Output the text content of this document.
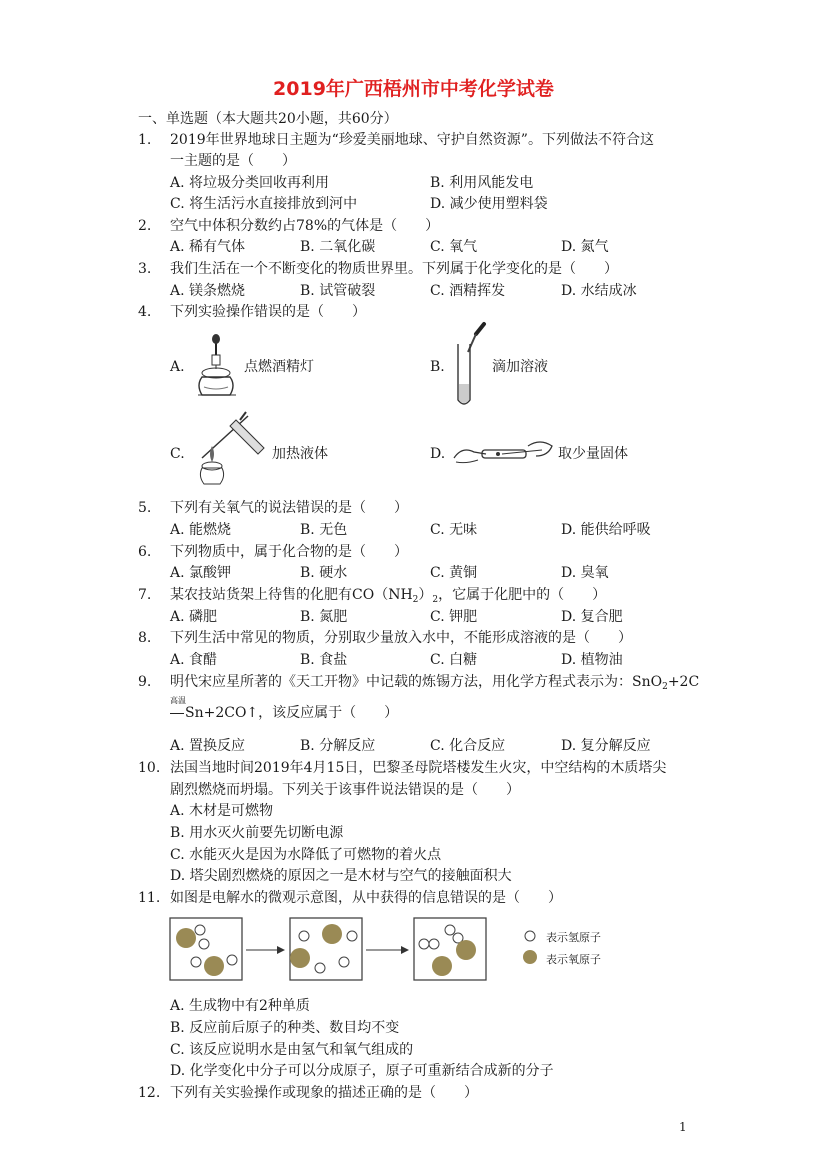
2019年广西梧州市中考化学试卷
一、单选题（本大题共20小题，共60分）
1. 2019年世界地球日主题为“珍爱美丽地球、守护自然资源”。下列做法不符合这
一主题的是（　　）
A. 将垃圾分类回收再利用	B. 利用风能发电
C. 将生活污水直接排放到河中	D. 减少使用塑料袋
2. 空气中体积分数约占78%的气体是（　　）
A. 稀有气体	B. 二氧化碳	C. 氧气	D. 氮气
3. 我们生活在一个不断变化的物质世界里。下列属于化学变化的是（　　）
A. 镁条燃烧	B. 试管破裂	C. 酒精挥发	D. 水结成冰
4. 下列实验操作错误的是（　　）
A.	点燃酒精灯	B.	滴加溶液
C.	加热液体	D.	取少量固体
5. 下列有关氧气的说法错误的是（　　）
A. 能燃烧	B. 无色	C. 无味	D. 能供给呼吸
6. 下列物质中，属于化合物的是（　　）
A. 氯酸钾	B. 硬水	C. 黄铜	D. 臭氧
7. 某农技站货架上待售的化肥有$CO(NH_2)_2$，它属于化肥中的（　　）
A. 磷肥	B. 氮肥	C. 钾肥	D. 复合肥
8. 下列生活中常见的物质，分别取少量放入水中，不能形成溶液的是（　　）
A. 食醋	B. 食盐	C. 白糖	D. 植物油
9. 明代宋应星所著的《天工开物》中记载的炼锡方法，用化学方程式表示为：SnO$_2$+2C
高温
Sn+2CO↑，该反应属于（　　）
A. 置换反应	B. 分解反应	C. 化合反应	D. 复分解反应
10. 法国当地时间2019年4月15日，巴黎圣母院塔楼发生火灾，中空结构的木质塔尖
剧烈燃烧而坍塌。下列关于该事件说法错误的是（　　）
A. 木材是可燃物
B. 用水灭火前要先切断电源
C. 水能灭火是因为水降低了可燃物的着火点
D. 塔尖剧烈燃烧的原因之一是木材与空气的接触面积大
11. 如图是电解水的微观示意图，从中获得的信息错误的是（　　）
表示氢原子
表示氧原子
A. 生成物中有2种单质
B. 反应前后原子的种类、数目均不变
C. 该反应说明水是由氢气和氧气组成的
D. 化学变化中分子可以分成原子，原子可重新结合成新的分子
12. 下列有关实验操作或现象的描述正确的是（　　）
1
